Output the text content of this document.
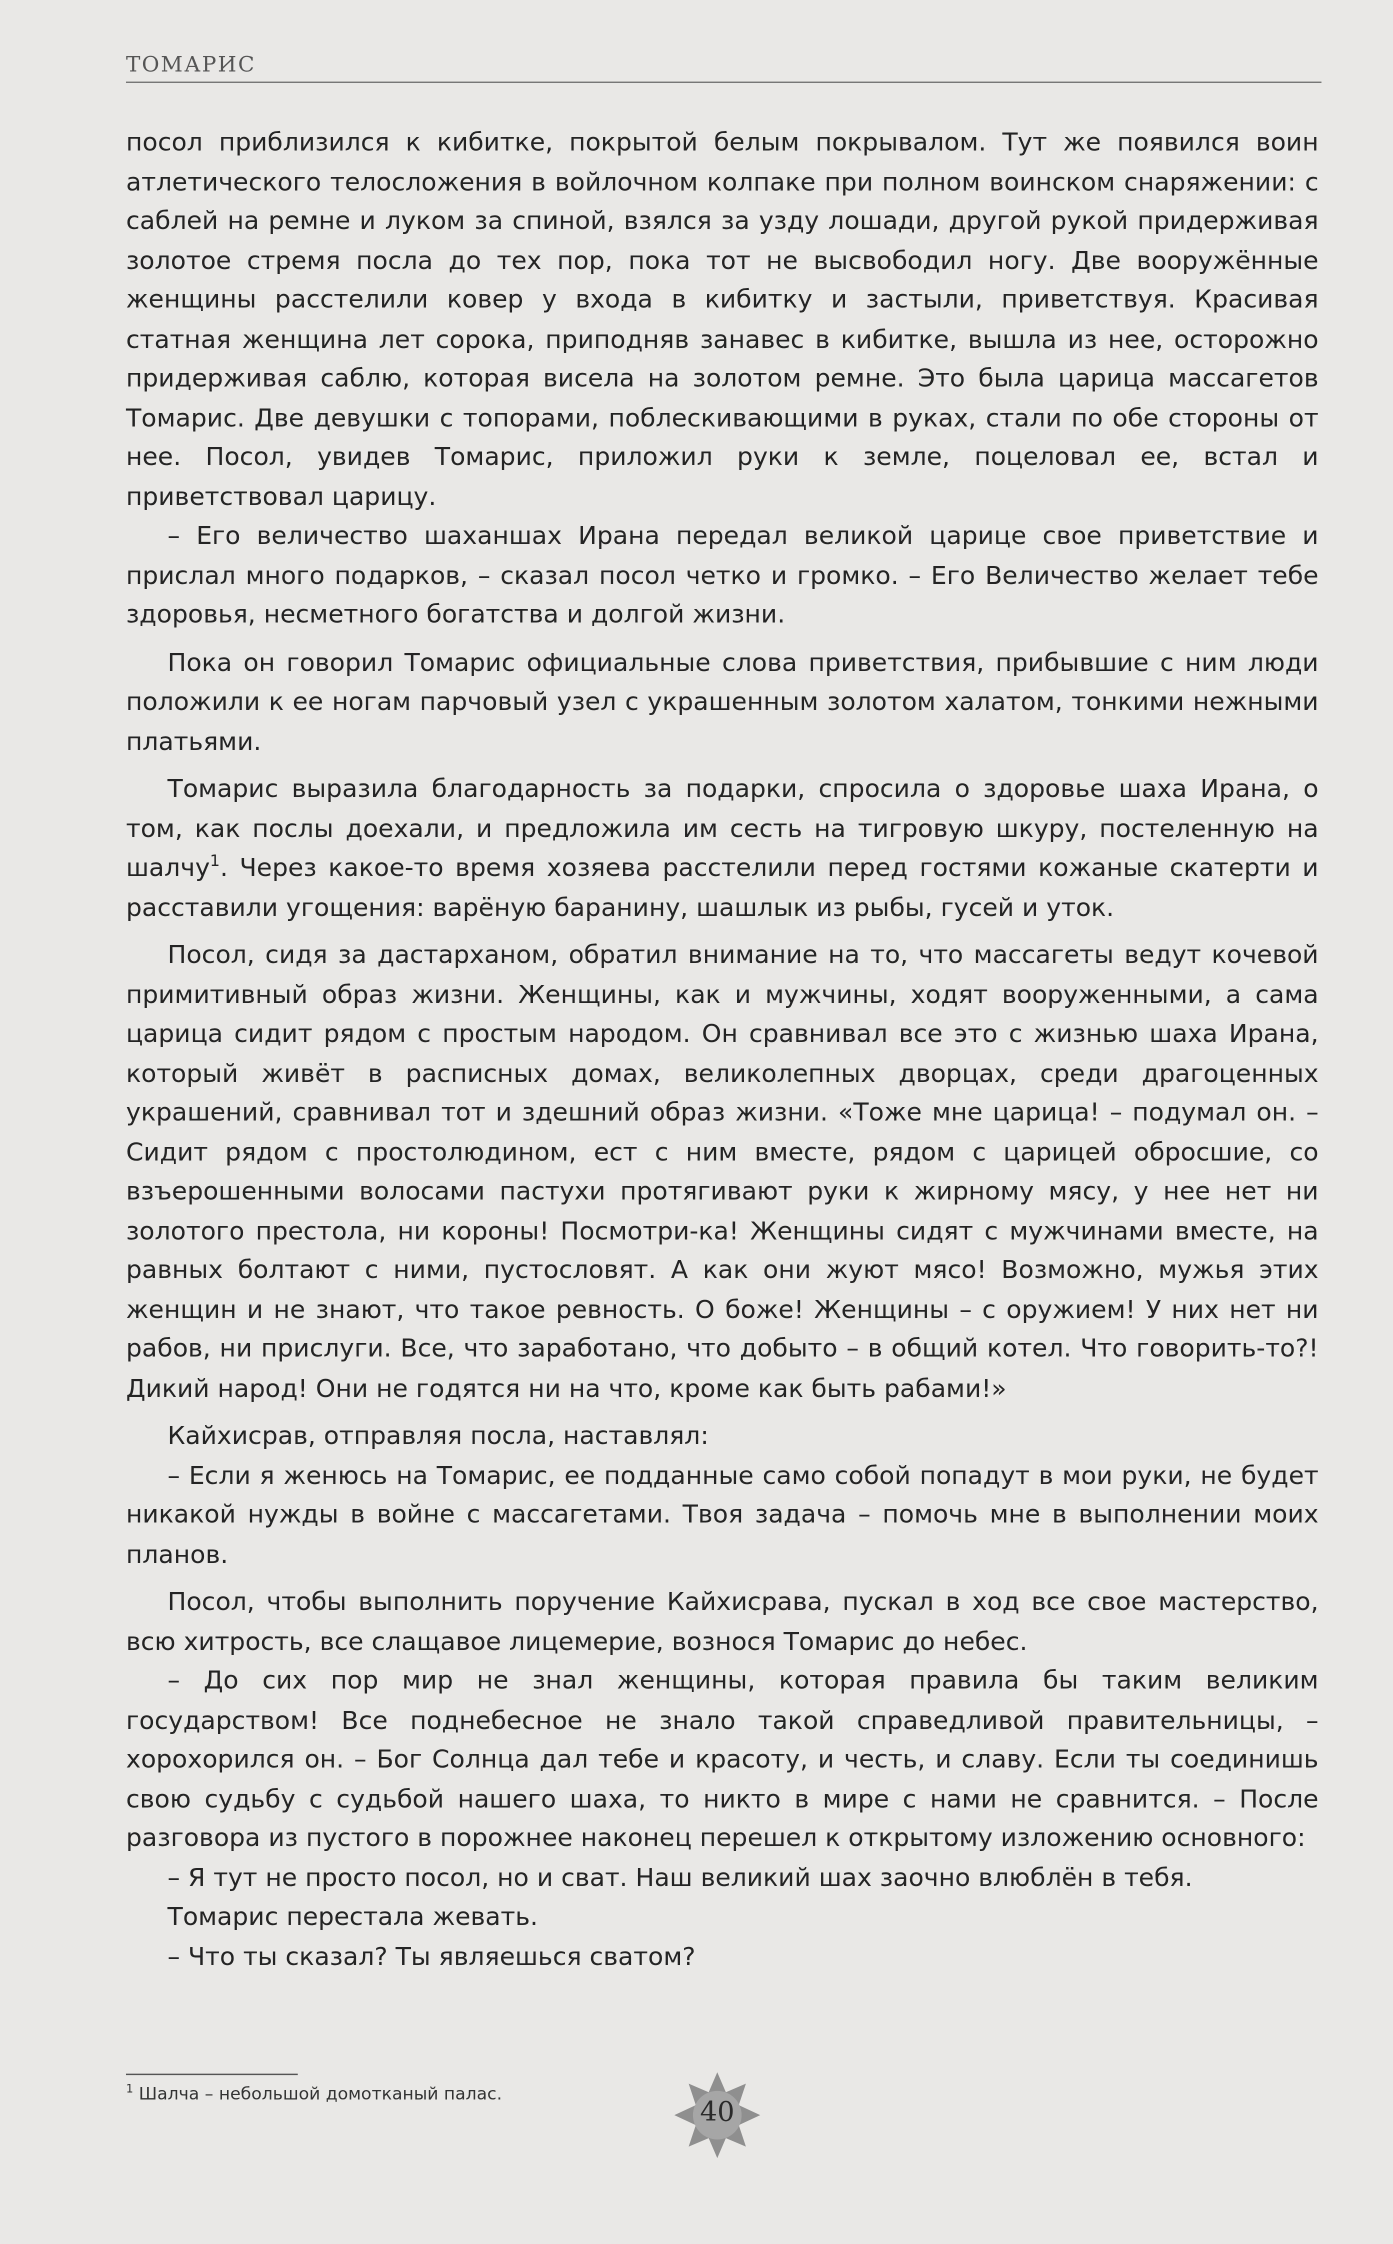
ТОМАРИС

посол приблизился к кибитке, покрытой белым покрывалом. Тут же появился воин атлетического телосложения в войлочном колпаке при полном воинском снаряжении: с саблей на ремне и луком за спиной, взялся за узду лошади, другой рукой придерживая золотое стремя посла до тех пор, пока тот не высвободил ногу. Две вооружённые женщины расстелили ковер у входа в кибитку и застыли, приветствуя. Красивая статная женщина лет сорока, приподняв занавес в кибитке, вышла из нее, осторожно придерживая саблю, которая висела на золотом ремне. Это была царица массагетов Томарис. Две девушки с топорами, поблескивающими в руках, стали по обе стороны от нее. Посол, увидев Томарис, приложил руки к земле, поцеловал ее, встал и приветствовал царицу.

– Его величество шаханшах Ирана передал великой царице свое приветствие и прислал много подарков, – сказал посол четко и громко. – Его Величество желает тебе здоровья, несметного богатства и долгой жизни.

Пока он говорил Томарис официальные слова приветствия, прибывшие с ним люди положили к ее ногам парчовый узел с украшенным золотом халатом, тонкими нежными платьями.

Томарис выразила благодарность за подарки, спросила о здоровье шаха Ирана, о том, как послы доехали, и предложила им сесть на тигровую шкуру, постеленную на шалчу$^1$. Через какое-то время хозяева расстелили перед гостями кожаные скатерти и расставили угощения: варёную баранину, шашлык из рыбы, гусей и уток.

Посол, сидя за дастарханом, обратил внимание на то, что массагеты ведут кочевой примитивный образ жизни. Женщины, как и мужчины, ходят вооруженными, а сама царица сидит рядом с простым народом. Он сравнивал все это с жизнью шаха Ирана, который живёт в расписных домах, великолепных дворцах, среди драгоценных украшений, сравнивал тот и здешний образ жизни. «Тоже мне царица! – подумал он. – Сидит рядом с простолюдином, ест с ним вместе, рядом с царицей обросшие, со взъерошенными волосами пастухи протягивают руки к жирному мясу, у нее нет ни золотого престола, ни короны! Посмотри-ка! Женщины сидят с мужчинами вместе, на равных болтают с ними, пустословят. А как они жуют мясо! Возможно, мужья этих женщин и не знают, что такое ревность. О боже! Женщины – с оружием! У них нет ни рабов, ни прислуги. Все, что заработано, что добыто – в общий котел. Что говорить-то?! Дикий народ! Они не годятся ни на что, кроме как быть рабами!»

Кайхисрав, отправляя посла, наставлял:

– Если я женюсь на Томарис, ее подданные само собой попадут в мои руки, не будет никакой нужды в войне с массагетами. Твоя задача – помочь мне в выполнении моих планов.

Посол, чтобы выполнить поручение Кайхисрава, пускал в ход все свое мастерство, всю хитрость, все слащавое лицемерие, вознося Томарис до небес.

– До сих пор мир не знал женщины, которая правила бы таким великим государством! Все поднебесное не знало такой справедливой правительницы, – хорохорился он. – Бог Солнца дал тебе и красоту, и честь, и славу. Если ты соединишь свою судьбу с судьбой нашего шаха, то никто в мире с нами не сравнится. – После разговора из пустого в порожнее наконец перешел к открытому изложению основного:

– Я тут не просто посол, но и сват. Наш великий шах заочно влюблён в тебя.

Томарис перестала жевать.

– Что ты сказал? Ты являешься сватом?

$^1$ Шалча – небольшой домотканый палас.
40
